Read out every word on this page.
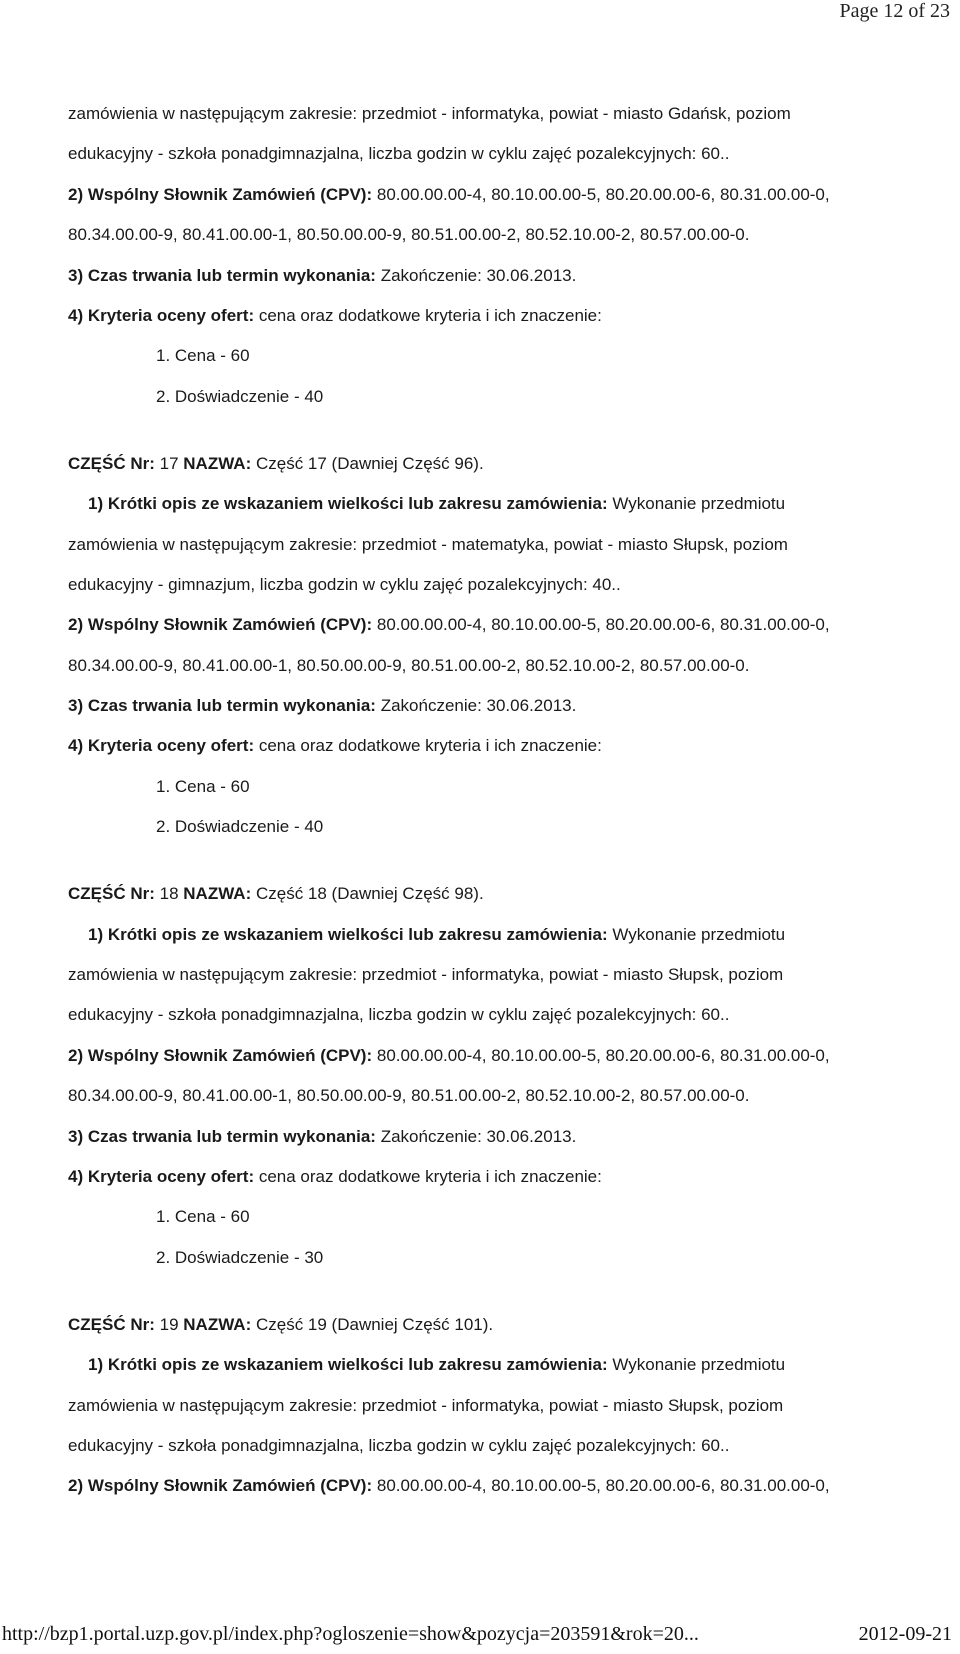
Page 12 of 23
zamówienia w następującym zakresie: przedmiot - informatyka, powiat - miasto Gdańsk, poziom
edukacyjny - szkoła ponadgimnazjalna, liczba godzin w cyklu zajęć pozalekcyjnych: 60..
2) Wspólny Słownik Zamówień (CPV): 80.00.00.00-4, 80.10.00.00-5, 80.20.00.00-6, 80.31.00.00-0,
80.34.00.00-9, 80.41.00.00-1, 80.50.00.00-9, 80.51.00.00-2, 80.52.10.00-2, 80.57.00.00-0.
3) Czas trwania lub termin wykonania: Zakończenie: 30.06.2013.
4) Kryteria oceny ofert: cena oraz dodatkowe kryteria i ich znaczenie:
1. Cena - 60
2. Doświadczenie - 40
CZĘŚĆ Nr: 17 NAZWA: Część 17 (Dawniej Część 96).
1) Krótki opis ze wskazaniem wielkości lub zakresu zamówienia: Wykonanie przedmiotu
zamówienia w następującym zakresie: przedmiot - matematyka, powiat - miasto Słupsk, poziom
edukacyjny - gimnazjum, liczba godzin w cyklu zajęć pozalekcyjnych: 40..
2) Wspólny Słownik Zamówień (CPV): 80.00.00.00-4, 80.10.00.00-5, 80.20.00.00-6, 80.31.00.00-0,
80.34.00.00-9, 80.41.00.00-1, 80.50.00.00-9, 80.51.00.00-2, 80.52.10.00-2, 80.57.00.00-0.
3) Czas trwania lub termin wykonania: Zakończenie: 30.06.2013.
4) Kryteria oceny ofert: cena oraz dodatkowe kryteria i ich znaczenie:
1. Cena - 60
2. Doświadczenie - 40
CZĘŚĆ Nr: 18 NAZWA: Część 18 (Dawniej Część 98).
1) Krótki opis ze wskazaniem wielkości lub zakresu zamówienia: Wykonanie przedmiotu
zamówienia w następującym zakresie: przedmiot - informatyka, powiat - miasto Słupsk, poziom
edukacyjny - szkoła ponadgimnazjalna, liczba godzin w cyklu zajęć pozalekcyjnych: 60..
2) Wspólny Słownik Zamówień (CPV): 80.00.00.00-4, 80.10.00.00-5, 80.20.00.00-6, 80.31.00.00-0,
80.34.00.00-9, 80.41.00.00-1, 80.50.00.00-9, 80.51.00.00-2, 80.52.10.00-2, 80.57.00.00-0.
3) Czas trwania lub termin wykonania: Zakończenie: 30.06.2013.
4) Kryteria oceny ofert: cena oraz dodatkowe kryteria i ich znaczenie:
1. Cena - 60
2. Doświadczenie - 30
CZĘŚĆ Nr: 19 NAZWA: Część 19 (Dawniej Część 101).
1) Krótki opis ze wskazaniem wielkości lub zakresu zamówienia: Wykonanie przedmiotu
zamówienia w następującym zakresie: przedmiot - informatyka, powiat - miasto Słupsk, poziom
edukacyjny - szkoła ponadgimnazjalna, liczba godzin w cyklu zajęć pozalekcyjnych: 60..
2) Wspólny Słownik Zamówień (CPV): 80.00.00.00-4, 80.10.00.00-5, 80.20.00.00-6, 80.31.00.00-0,
http://bzp1.portal.uzp.gov.pl/index.php?ogloszenie=show&pozycja=203591&rok=20...	2012-09-21
